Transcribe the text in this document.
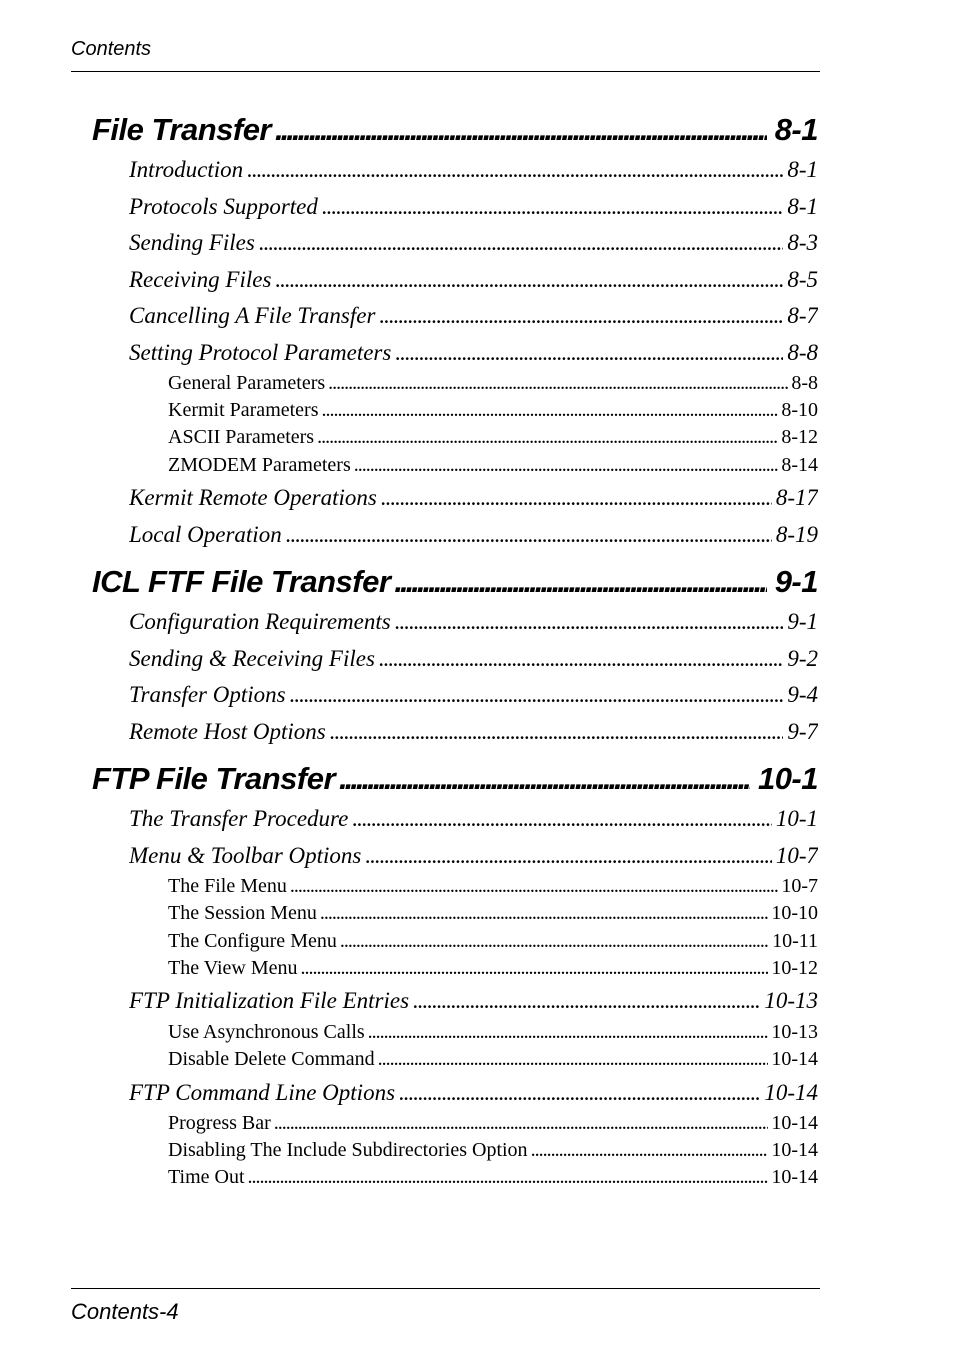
Contents
File Transfer .....	8-1
Introduction .....	8-1
Protocols Supported .....	8-1
Sending Files .....	8-3
Receiving Files .....	8-5
Cancelling A File Transfer .....	8-7
Setting Protocol Parameters .....	8-8
General Parameters .....	8-8
Kermit Parameters .....	8-10
ASCII Parameters .....	8-12
ZMODEM Parameters .....	8-14
Kermit Remote Operations .....	8-17
Local Operation .....	8-19
ICL FTF File Transfer .....	9-1
Configuration Requirements .....	9-1
Sending & Receiving Files .....	9-2
Transfer Options .....	9-4
Remote Host Options .....	9-7
FTP File Transfer .....	10-1
The Transfer Procedure .....	10-1
Menu & Toolbar Options .....	10-7
The File Menu .....	10-7
The Session Menu .....	10-10
The Configure Menu .....	10-11
The View Menu .....	10-12
FTP Initialization File Entries .....	10-13
Use Asynchronous Calls .....	10-13
Disable Delete Command .....	10-14
FTP Command Line Options .....	10-14
Progress Bar .....	10-14
Disabling The Include Subdirectories Option .....	10-14
Time Out .....	10-14
Contents-4
